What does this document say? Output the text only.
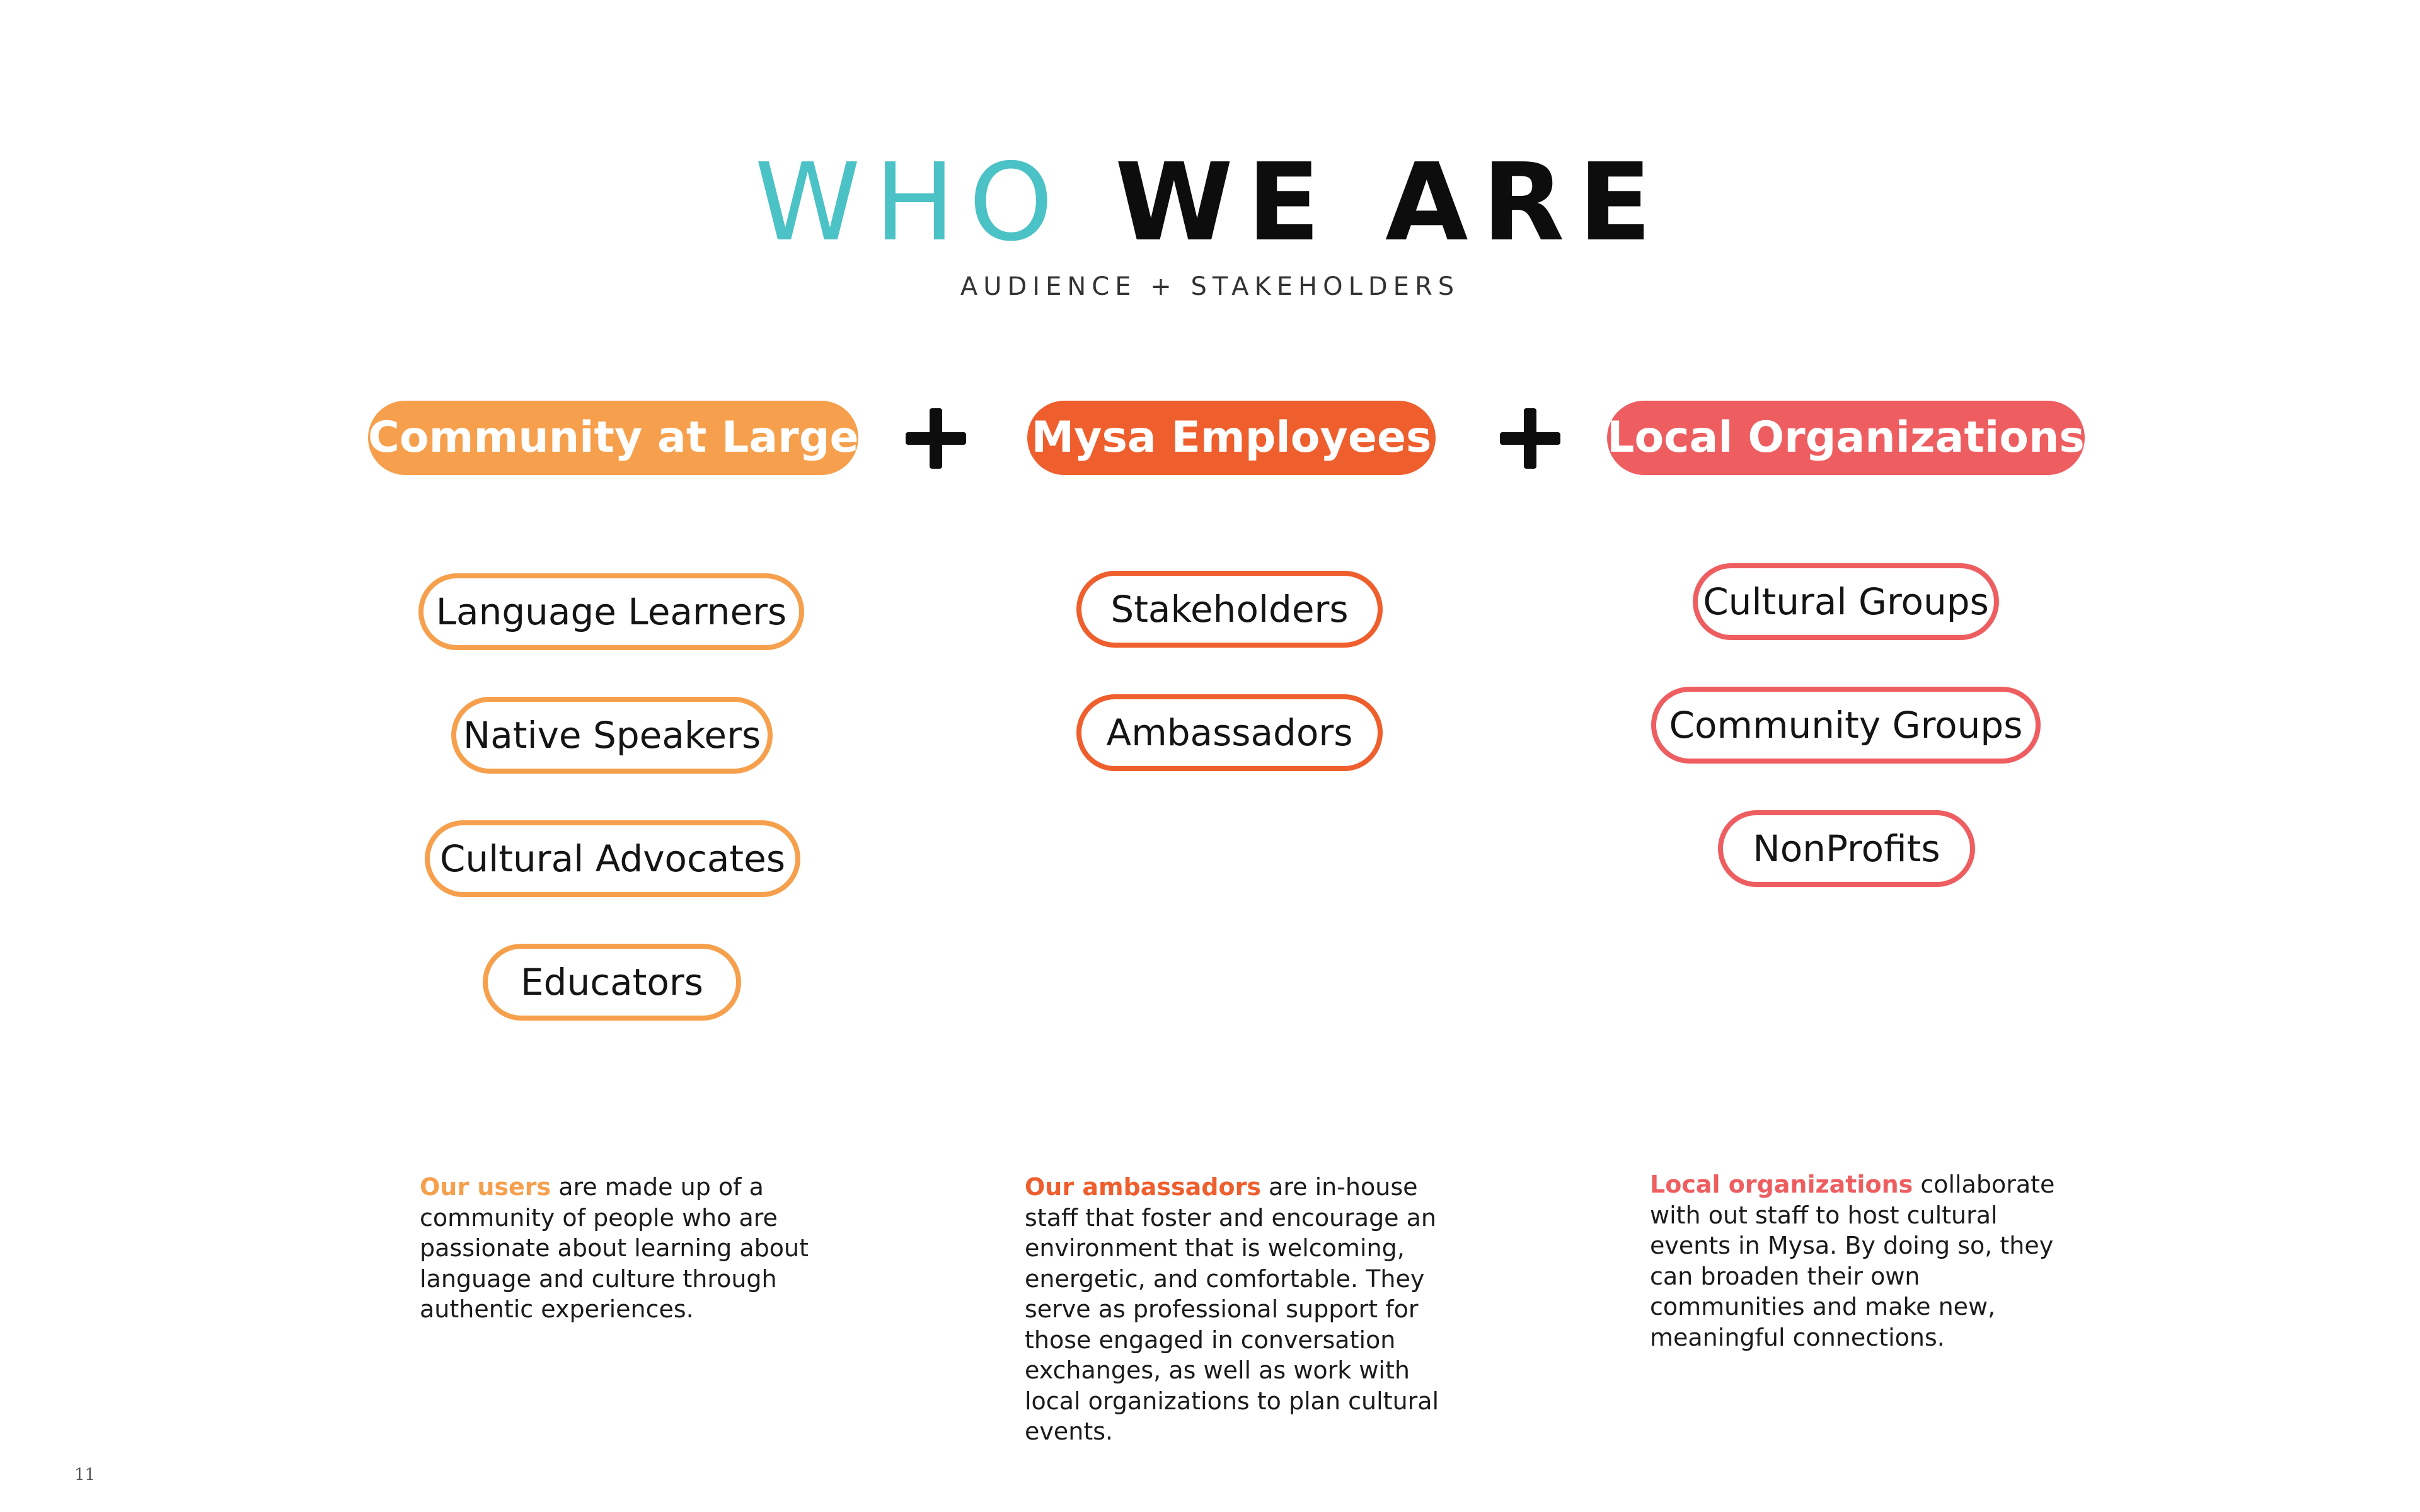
WHO WE ARE
AUDIENCE + STAKEHOLDERS
Community at Large	Mysa Employees	Local Organizations
Language Learners
Native Speakers
Cultural Advocates
Educators
Stakeholders
Ambassadors
Cultural Groups
Community Groups
NonProfits
Our users are made up of a community of people who are passionate about learning about language and culture through authentic experiences.
Our ambassadors are in-house staff that foster and encourage an environment that is welcoming, energetic, and comfortable. They serve as professional support for those engaged in conversation exchanges, as well as work with local organizations to plan cultural events.
Local organizations collaborate with out staff to host cultural events in Mysa. By doing so, they can broaden their own communities and make new, meaningful connections.
11
